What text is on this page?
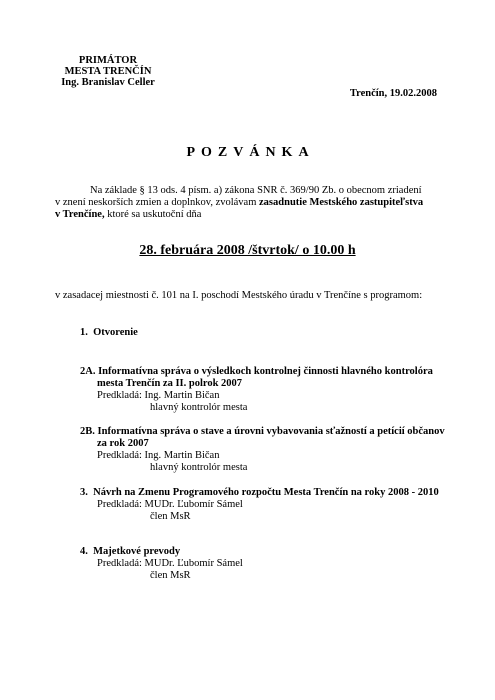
PRIMÁTOR
MESTA TRENČÍN
Ing. Branislav Celler
Trenčín, 19.02.2008
POZVÁNKA
Na základe § 13 ods. 4 písm. a) zákona SNR č. 369/90 Zb. o obecnom zriadení
v znení neskorších zmien a doplnkov, zvolávam zasadnutie Mestského zastupiteľstva
v Trenčíne, ktoré sa uskutoční dňa
28. februára 2008 /štvrtok/ o 10.00 h
v zasadacej miestnosti č. 101 na I. poschodí Mestského úradu v Trenčíne s programom:
1. Otvorenie
2A. Informatívna správa o výsledkoch kontrolnej činnosti hlavného kontrolóra
mesta Trenčín za II. polrok 2007
Predkladá: Ing. Martin Bičan
hlavný kontrolór mesta
2B. Informatívna správa o stave a úrovni vybavovania sťažností a petícií občanov
za rok 2007
Predkladá: Ing. Martin Bičan
hlavný kontrolór mesta
3. Návrh na Zmenu Programového rozpočtu Mesta Trenčín na roky 2008 - 2010
Predkladá: MUDr. Ľubomír Sámel
člen MsR
4. Majetkové prevody
Predkladá: MUDr. Ľubomír Sámel
člen MsR
